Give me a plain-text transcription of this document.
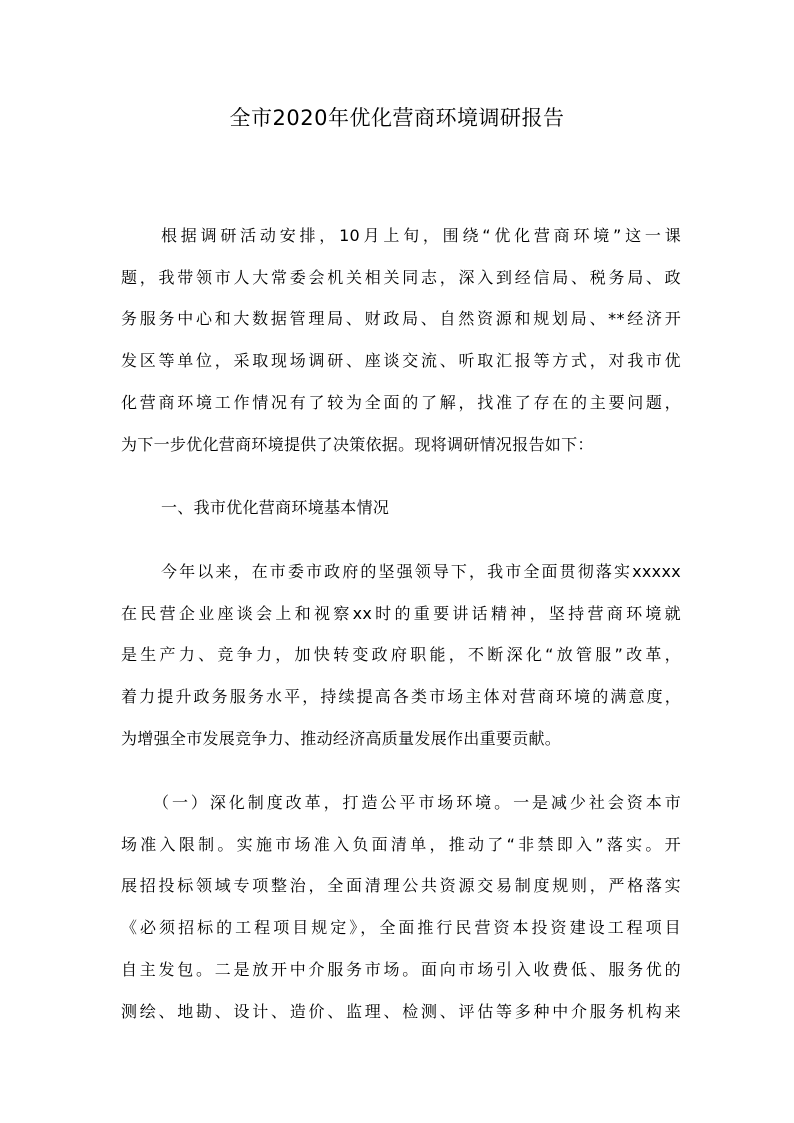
全市2020年优化营商环境调研报告
根据调研活动安排，10月上旬，围绕“优化营商环境”这一课
题，我带领市人大常委会机关相关同志，深入到经信局、税务局、政
务服务中心和大数据管理局、财政局、自然资源和规划局、**经济开
发区等单位，采取现场调研、座谈交流、听取汇报等方式，对我市优
化营商环境工作情况有了较为全面的了解，找准了存在的主要问题，
为下一步优化营商环境提供了决策依据。现将调研情况报告如下：
一、我市优化营商环境基本情况
今年以来，在市委市政府的坚强领导下，我市全面贯彻落实xxxxx
在民营企业座谈会上和视察xx时的重要讲话精神，坚持营商环境就
是生产力、竞争力，加快转变政府职能，不断深化“放管服”改革，
着力提升政务服务水平，持续提高各类市场主体对营商环境的满意度，
为增强全市发展竞争力、推动经济高质量发展作出重要贡献。
（一）深化制度改革，打造公平市场环境。一是减少社会资本市
场准入限制。实施市场准入负面清单，推动了“非禁即入”落实。开
展招投标领域专项整治，全面清理公共资源交易制度规则，严格落实
《必须招标的工程项目规定》，全面推行民营资本投资建设工程项目
自主发包。二是放开中介服务市场。面向市场引入收费低、服务优的
测绘、地勘、设计、造价、监理、检测、评估等多种中介服务机构来
